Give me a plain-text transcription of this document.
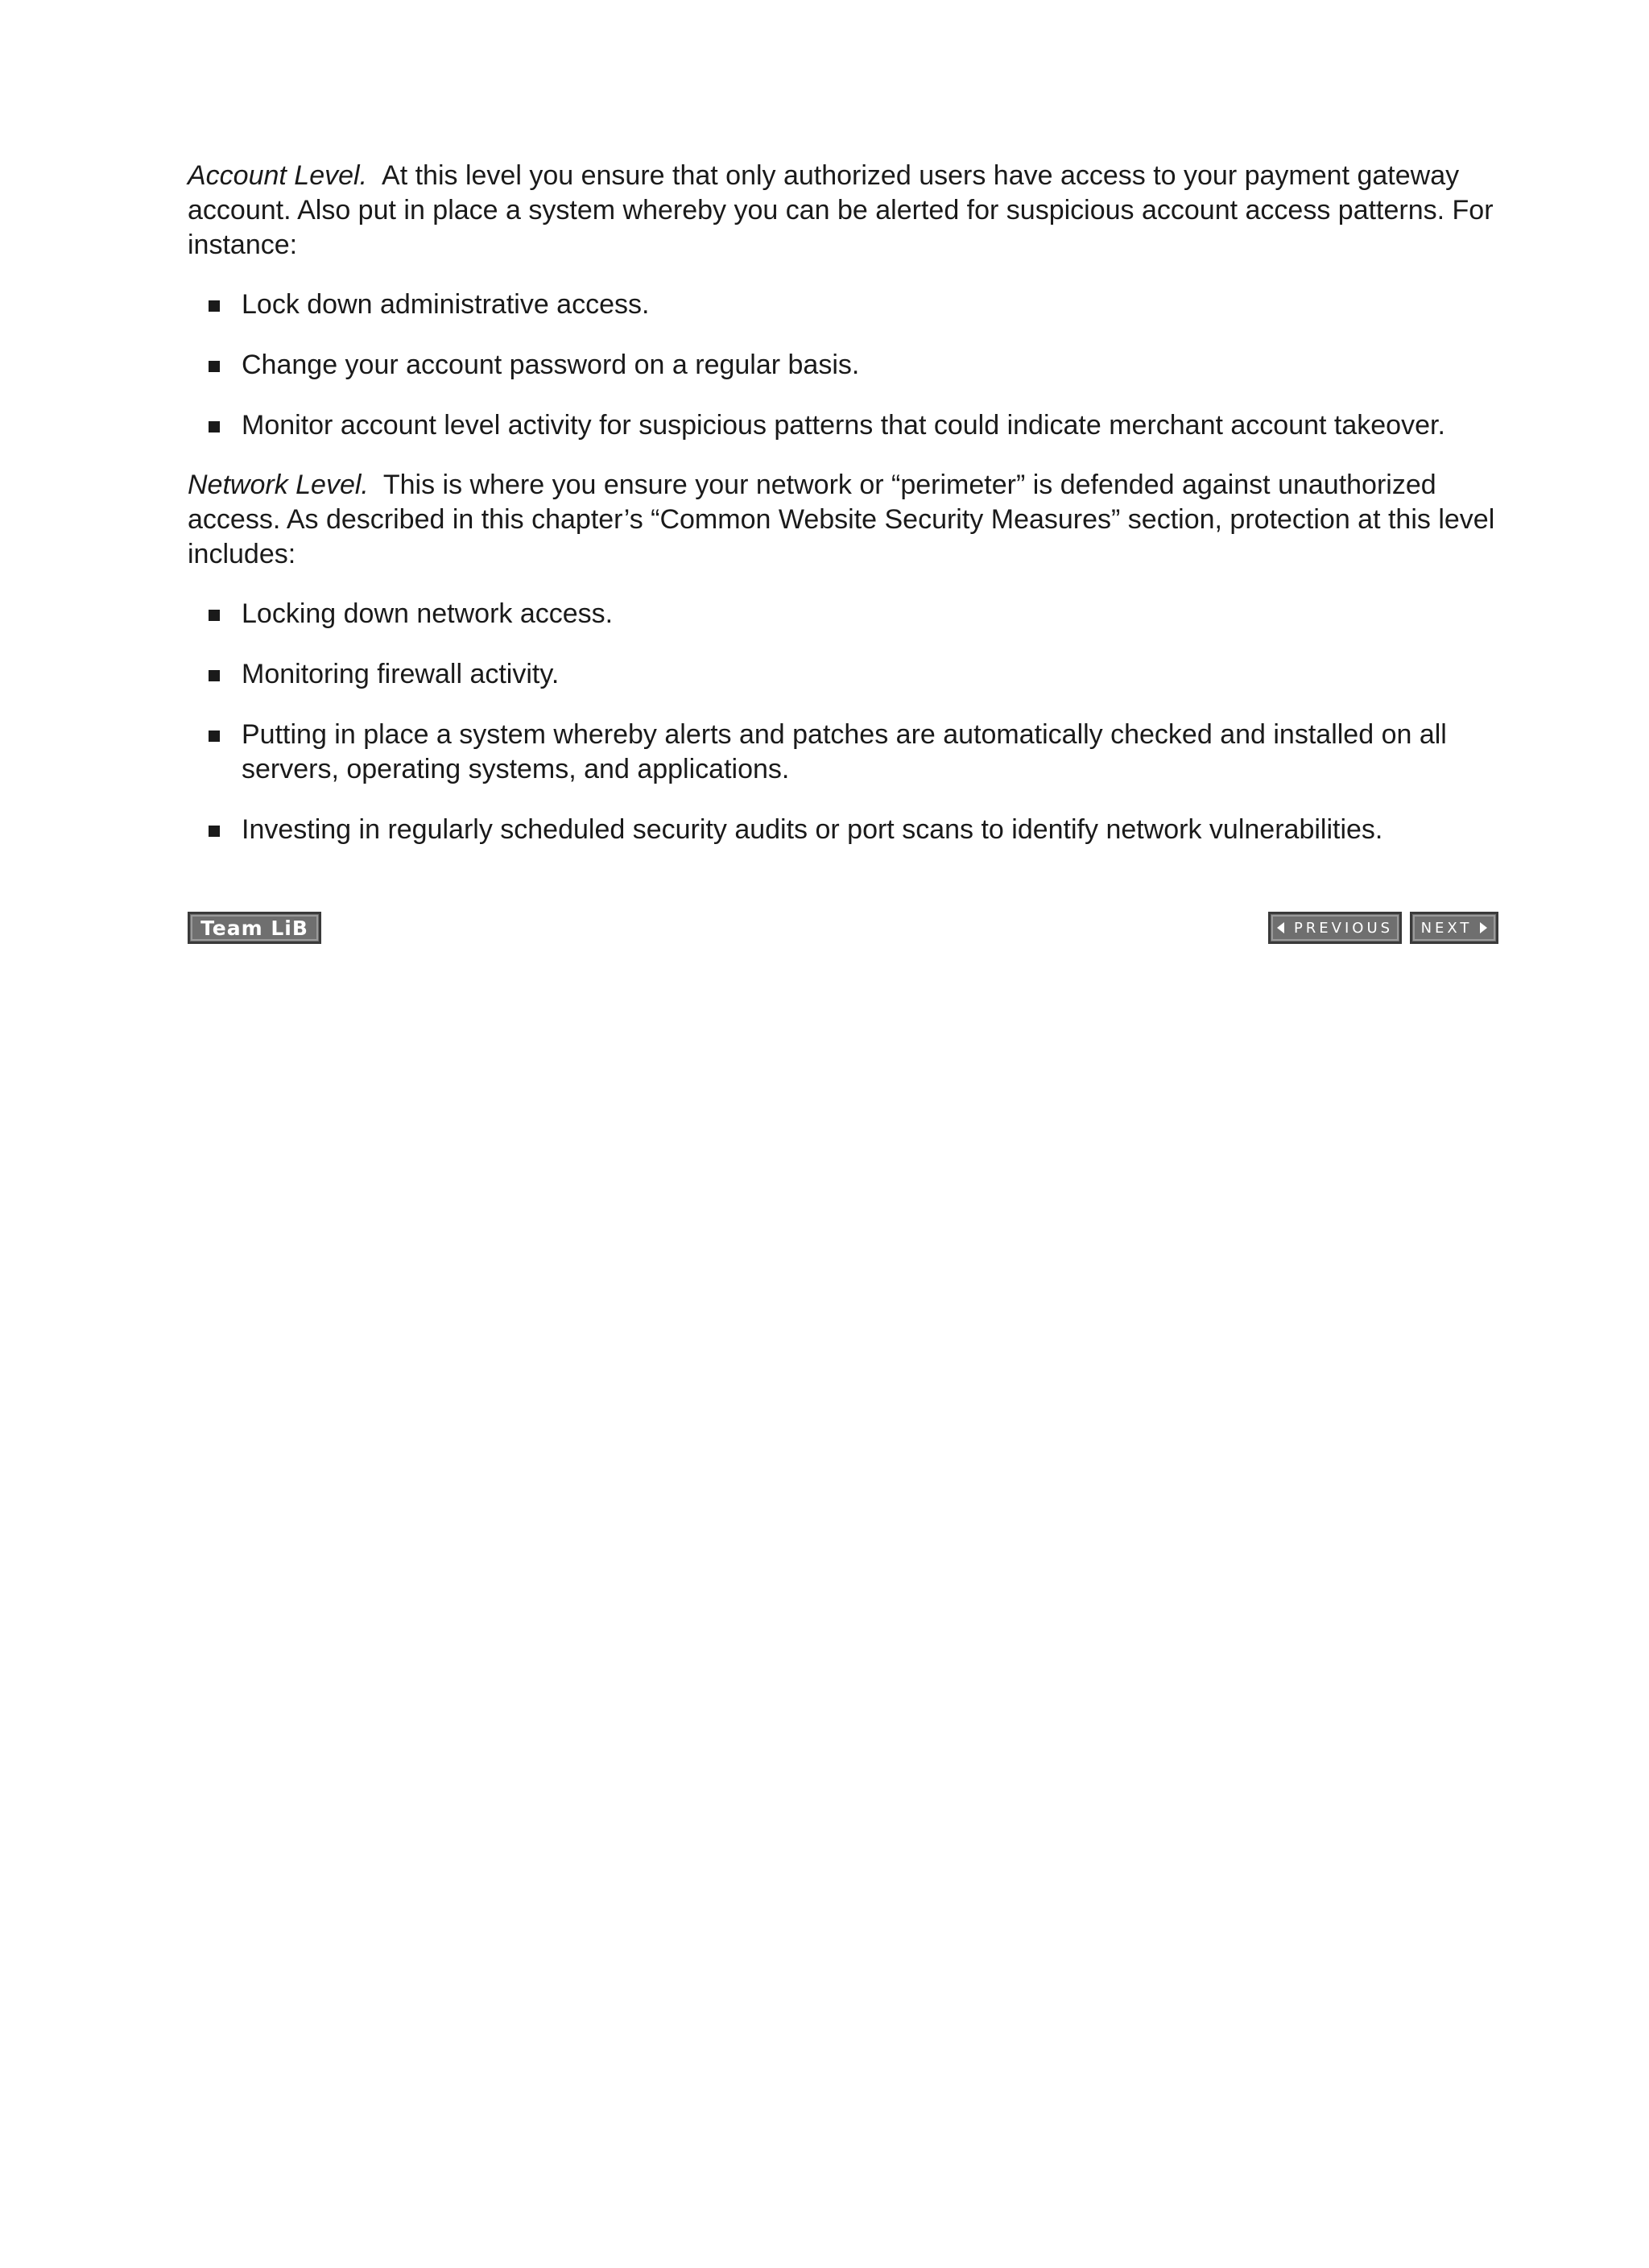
Account Level. At this level you ensure that only authorized users have access to your payment gateway account. Also put in place a system whereby you can be alerted for suspicious account access patterns. For instance:

Lock down administrative access.
Change your account password on a regular basis.
Monitor account level activity for suspicious patterns that could indicate merchant account takeover.

Network Level. This is where you ensure your network or “perimeter” is defended against unauthorized access. As described in this chapter’s “Common Website Security Measures” section, protection at this level includes:

Locking down network access.
Monitoring firewall activity.
Putting in place a system whereby alerts and patches are automatically checked and installed on all servers, operating systems, and applications.
Investing in regularly scheduled security audits or port scans to identify network vulnerabilities.
Team LiB	PREVIOUS NEXT
